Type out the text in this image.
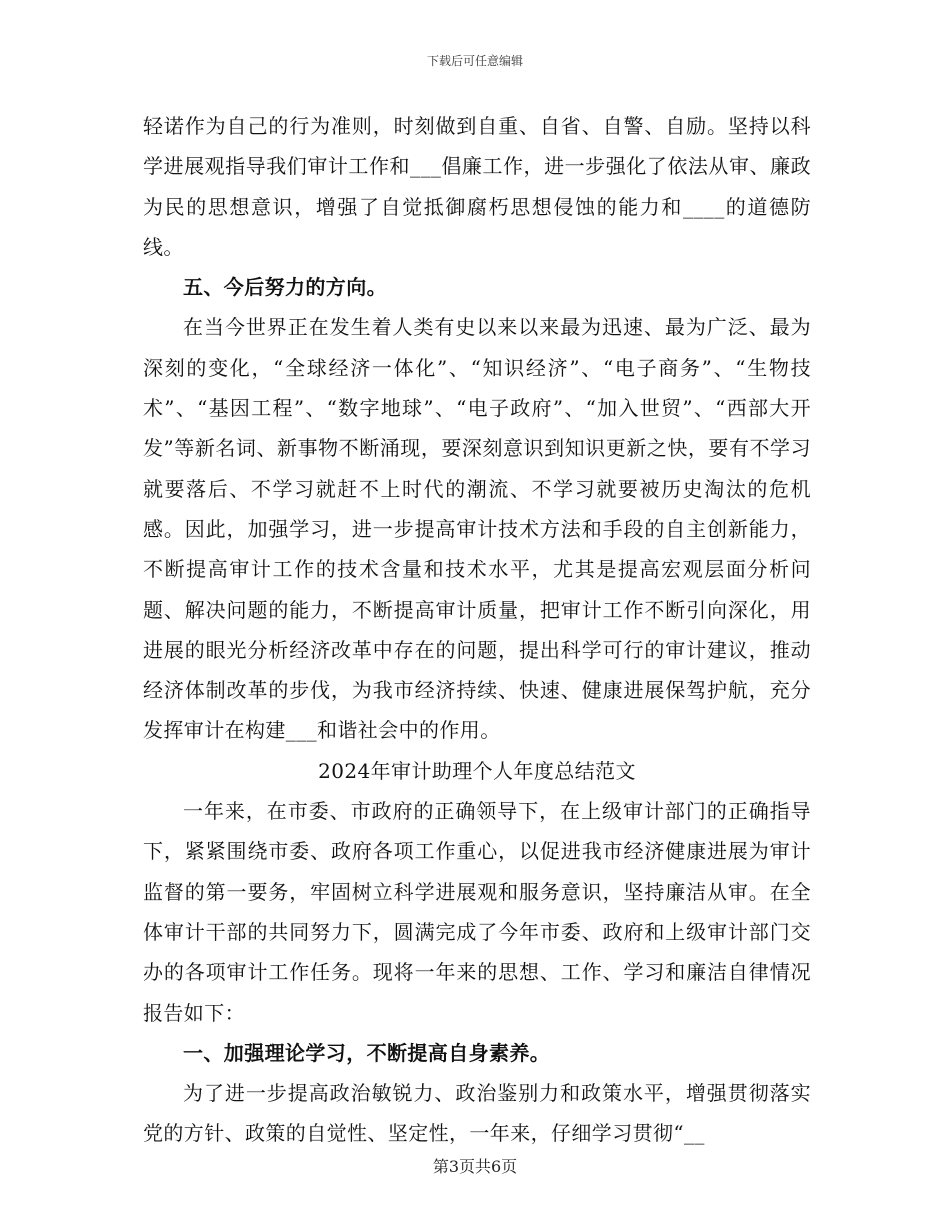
下载后可任意编辑

轻诺作为自己的行为准则，时刻做到自重、自省、自警、自励。坚持以科学进展观指导我们审计工作和___倡廉工作，进一步强化了依法从审、廉政为民的思想意识，增强了自觉抵御腐朽思想侵蚀的能力和____的道德防线。

五、今后努力的方向。

在当今世界正在发生着人类有史以来以来最为迅速、最为广泛、最为深刻的变化，“全球经济一体化”、“知识经济”、“电子商务”、“生物技术”、“基因工程”、“数字地球”、“电子政府”、“加入世贸”、“西部大开发”等新名词、新事物不断涌现，要深刻意识到知识更新之快，要有不学习就要落后、不学习就赶不上时代的潮流、不学习就要被历史淘汰的危机感。因此，加强学习，进一步提高审计技术方法和手段的自主创新能力，不断提高审计工作的技术含量和技术水平，尤其是提高宏观层面分析问题、解决问题的能力，不断提高审计质量，把审计工作不断引向深化，用进展的眼光分析经济改革中存在的问题，提出科学可行的审计建议，推动经济体制改革的步伐，为我市经济持续、快速、健康进展保驾护航，充分发挥审计在构建___和谐社会中的作用。

2024年审计助理个人年度总结范文

一年来，在市委、市政府的正确领导下，在上级审计部门的正确指导下，紧紧围绕市委、政府各项工作重心，以促进我市经济健康进展为审计监督的第一要务，牢固树立科学进展观和服务意识，坚持廉洁从审。在全体审计干部的共同努力下，圆满完成了今年市委、政府和上级审计部门交办的各项审计工作任务。现将一年来的思想、工作、学习和廉洁自律情况报告如下：

一、加强理论学习，不断提高自身素养。

为了进一步提高政治敏锐力、政治鉴别力和政策水平，增强贯彻落实党的方针、政策的自觉性、坚定性，一年来，仔细学习贯彻“__

第3页共6页
